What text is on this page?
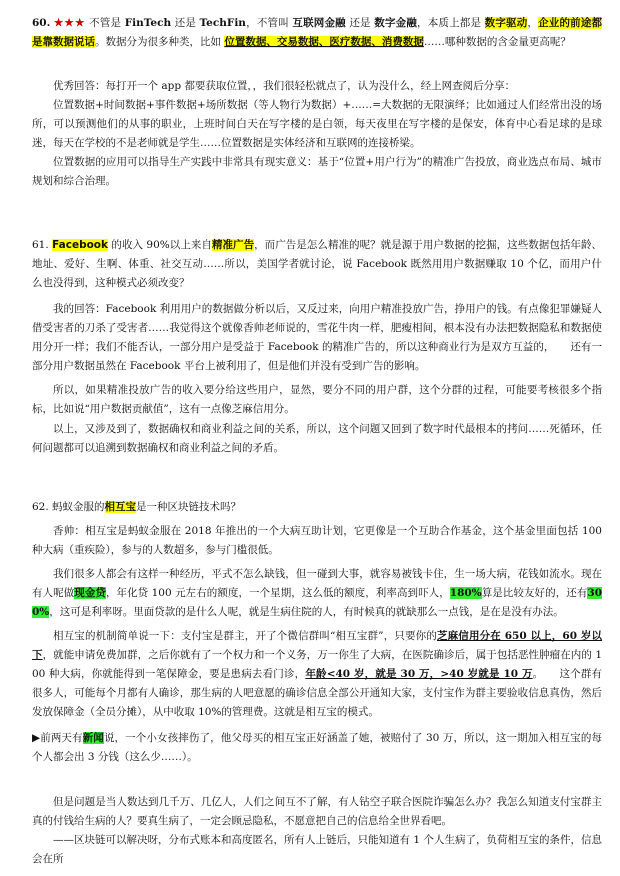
60. ★★★ 不管是 FinTech 还是 TechFin，不管叫 互联网金融 还是 数字金融，本质上都是 数字驱动，企业的前途都是靠数据说话。数据分为很多种类，比如 位置数据、交易数据、医疗数据、消费数据……哪种数据的含金量更高呢？

优秀回答：每打开一个 app 都要获取位置，，我们很轻松就点了，认为没什么，经上网查阅后分享：

位置数据+时间数据+事件数据+场所数据（等人物行为数据）+……=大数据的无限演绎；比如通过人们经常出没的场所，可以预测他们的从事的职业，上班时间白天在写字楼的是白领，每天夜里在写字楼的是保安，体育中心看足球的是球迷，每天在学校的不是老师就是学生……位置数据是实体经济和互联网的连接桥梁。

位置数据的应用可以指导生产实践中非常具有现实意义：基于“位置+用户行为”的精准广告投放，商业选点布局、城市规划和综合治理。

61. Facebook 的收入 90%以上来自精准广告，而广告是怎么精准的呢？就是源于用户数据的挖掘，这些数据包括年龄、地址、爱好、生啊、体重、社交互动……所以，美国学者就讨论，说 Facebook 既然用用户数据赚取 10 个亿，而用户什么也没得到，这种模式必须改变？

我的回答：Facebook 利用用户的数据做分析以后，又反过来，向用户精准投放广告，挣用户的钱。有点像犯罪嫌疑人借受害者的刀杀了受害者……我觉得这个就像香帅老师说的，雪花牛肉一样，肥瘦相间，根本没有办法把数据隐私和数据使用分开一样；我们不能否认，一部分用户是受益于 Facebook 的精准广告的，所以这种商业行为是双方互益的，　　还有一部分用户数据虽然在 Facebook 平台上被利用了，但是他们并没有受到广告的影响。

所以，如果精准投放广告的收入要分给这些用户，显然，要分不同的用户群，这个分群的过程，可能要考核很多个指标，比如说“用户数据贡献值”，这有一点像芝麻信用分。

以上，又涉及到了，数据确权和商业利益之间的关系，所以，这个问题又回到了数字时代最根本的拷问……死循环，任何问题都可以追溯到数据确权和商业利益之间的矛盾。

62. 蚂蚁金服的相互宝是一种区块链技术吗？

香帅：相互宝是蚂蚁金服在 2018 年推出的一个大病互助计划，它更像是一个互助合作基金，这个基金里面包括 100 种大病（重疾险），参与的人数超多，参与门槛很低。

我们很多人都会有这样一种经历，平式不怎么缺钱，但一碰到大事，就容易被钱卡住，生一场大病，花钱如流水。现在有人呢做现金贷，年化贷 100 元左右的额度，一个星期，这么低的额度，利率高到吓人，180%算是比较友好的，还有300%，这可是利率呀。里面贷款的是什么人呢，就是生病住院的人，有时候真的就缺那么一点钱，是在是没有办法。

相互宝的机制简单说一下：支付宝是群主，开了个微信群叫“相互宝群”，只要你的芝麻信用分在 650 以上，60 岁以下，就能申请免费加群，之后你就有了一个权力和一个义务，万一你生了大病，在医院确诊后，属于包括恶性肿瘤在内的 100 种大病，你就能得到一笔保障金，要是患病去看门诊，年龄<40 岁，就是 30 万，>40 岁就是 10 万。　　这个群有很多人，可能每个月都有人确诊，那生病的人吧意愿的确诊信息全部公开通知大家，支付宝作为群主要验收信息真伪，然后发放保障金（全员分摊），从中收取 10%的管理费。这就是相互宝的模式。

▶前两天有新闻说，一个小女孩摔伤了，他父母买的相互宝正好涵盖了她，被赔付了 30 万，所以，这一期加入相互宝的每个人都会出 3 分钱（这么少……）。

但是问题是当人数达到几千万、几亿人，人们之间互不了解，有人钻空子联合医院诈骗怎么办？我怎么知道支付宝群主真的付钱给生病的人？要真生病了，一定会顾忌隐私，不愿意把自己的信息给全世界看吧。

——区块链可以解决呀，分布式账本和高度匿名，所有人上链后，只能知道有 1 个人生病了，负荷相互宝的条件，信息会在所
